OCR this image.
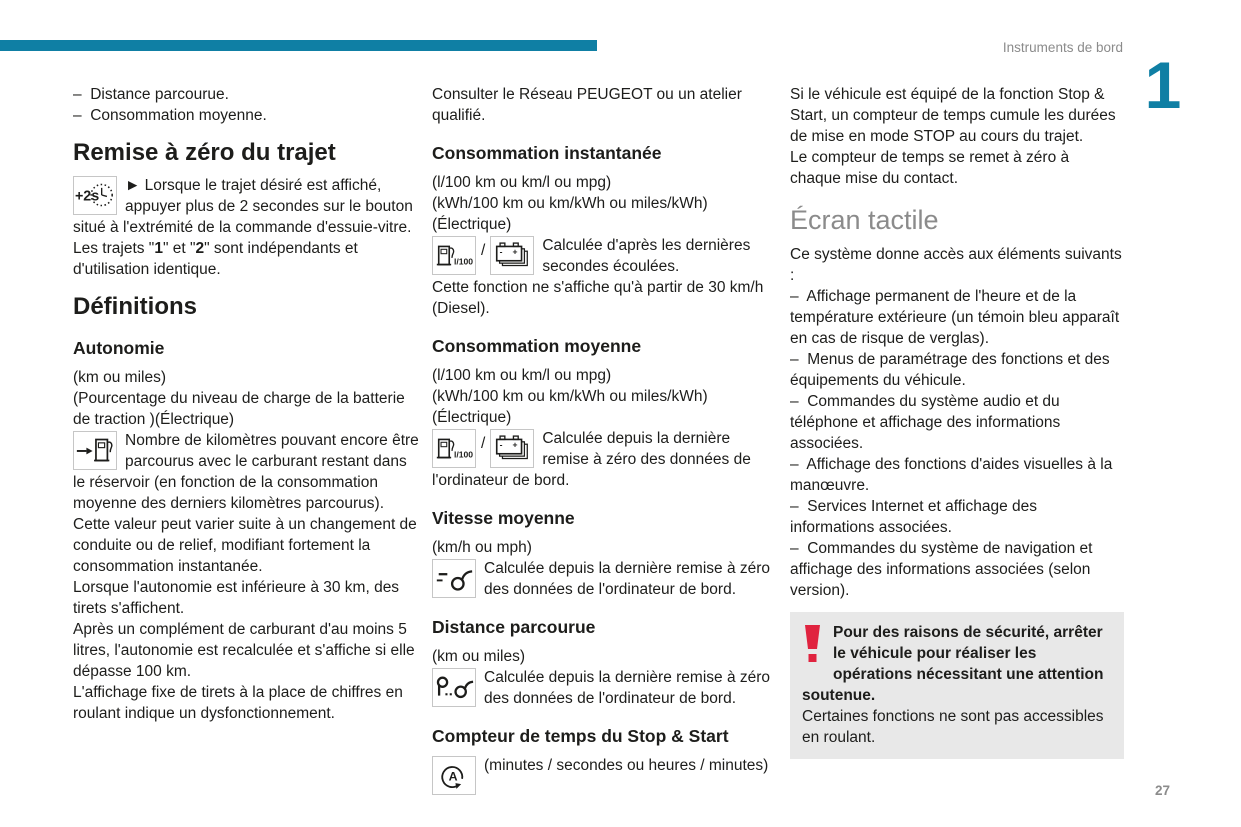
Instruments de bord
1
27

–  Distance parcourue.

–  Consommation moyenne.

Remise à zéro du trajet
+2s
► Lorsque le trajet désiré est affiché, appuyer plus de 2 secondes sur le bouton situé à l'extrémité de la commande d'essuie-vitre.

Les trajets "1" et "2" sont indépendants et d'utilisation identique.

Définitions
Autonomie

(km ou miles)

(Pourcentage du niveau de charge de la batterie de traction )(Électrique)

Nombre de kilomètres pouvant encore être parcourus avec le carburant restant dans le réservoir (en fonction de la consommation moyenne des derniers kilomètres parcourus).

Cette valeur peut varier suite à un changement de conduite ou de relief, modifiant fortement la consommation instantanée.

Lorsque l'autonomie est inférieure à 30 km, des tirets s'affichent.

Après un complément de carburant d'au moins 5 litres, l'autonomie est recalculée et s'affiche si elle dépasse 100 km.

L'affichage fixe de tirets à la place de chiffres en roulant indique un dysfonctionnement.

Consulter le Réseau PEUGEOT ou un atelier qualifié.

Consommation instantanée

(l/100 km ou km/l ou mpg)

(kWh/100 km ou km/kWh ou miles/kWh)

(Électrique)

l/100
/ - + Calculée d'après les dernières secondes écoulées.

Cette fonction ne s'affiche qu'à partir de 30 km/h (Diesel).

Consommation moyenne

(l/100 km ou km/l ou mpg)

(kWh/100 km ou km/kWh ou miles/kWh)

(Électrique)

l/100
/ - + Calculée depuis la dernière remise à zéro des données de l'ordinateur de bord.
Vitesse moyenne

(km/h ou mph)

Calculée depuis la dernière remise à zéro des données de l'ordinateur de bord.
Distance parcourue

(km ou miles)

Calculée depuis la dernière remise à zéro des données de l'ordinateur de bord.
Compteur de temps du Stop & Start
A
(minutes / secondes ou heures / minutes)

Si le véhicule est équipé de la fonction Stop & Start, un compteur de temps cumule les durées de mise en mode STOP au cours du trajet.

Le compteur de temps se remet à zéro à chaque mise du contact.

Écran tactile

Ce système donne accès aux éléments suivants :

–  Affichage permanent de l'heure et de la température extérieure (un témoin bleu apparaît en cas de risque de verglas).

–  Menus de paramétrage des fonctions et des équipements du véhicule.

–  Commandes du système audio et du téléphone et affichage des informations associées.

–  Affichage des fonctions d'aides visuelles à la manœuvre.

–  Services Internet et affichage des informations associées.

–  Commandes du système de navigation et affichage des informations associées (selon version).

Pour des raisons de sécurité, arrêter le véhicule pour réaliser les opérations nécessitant une attention soutenue.

Certaines fonctions ne sont pas accessibles en roulant.
